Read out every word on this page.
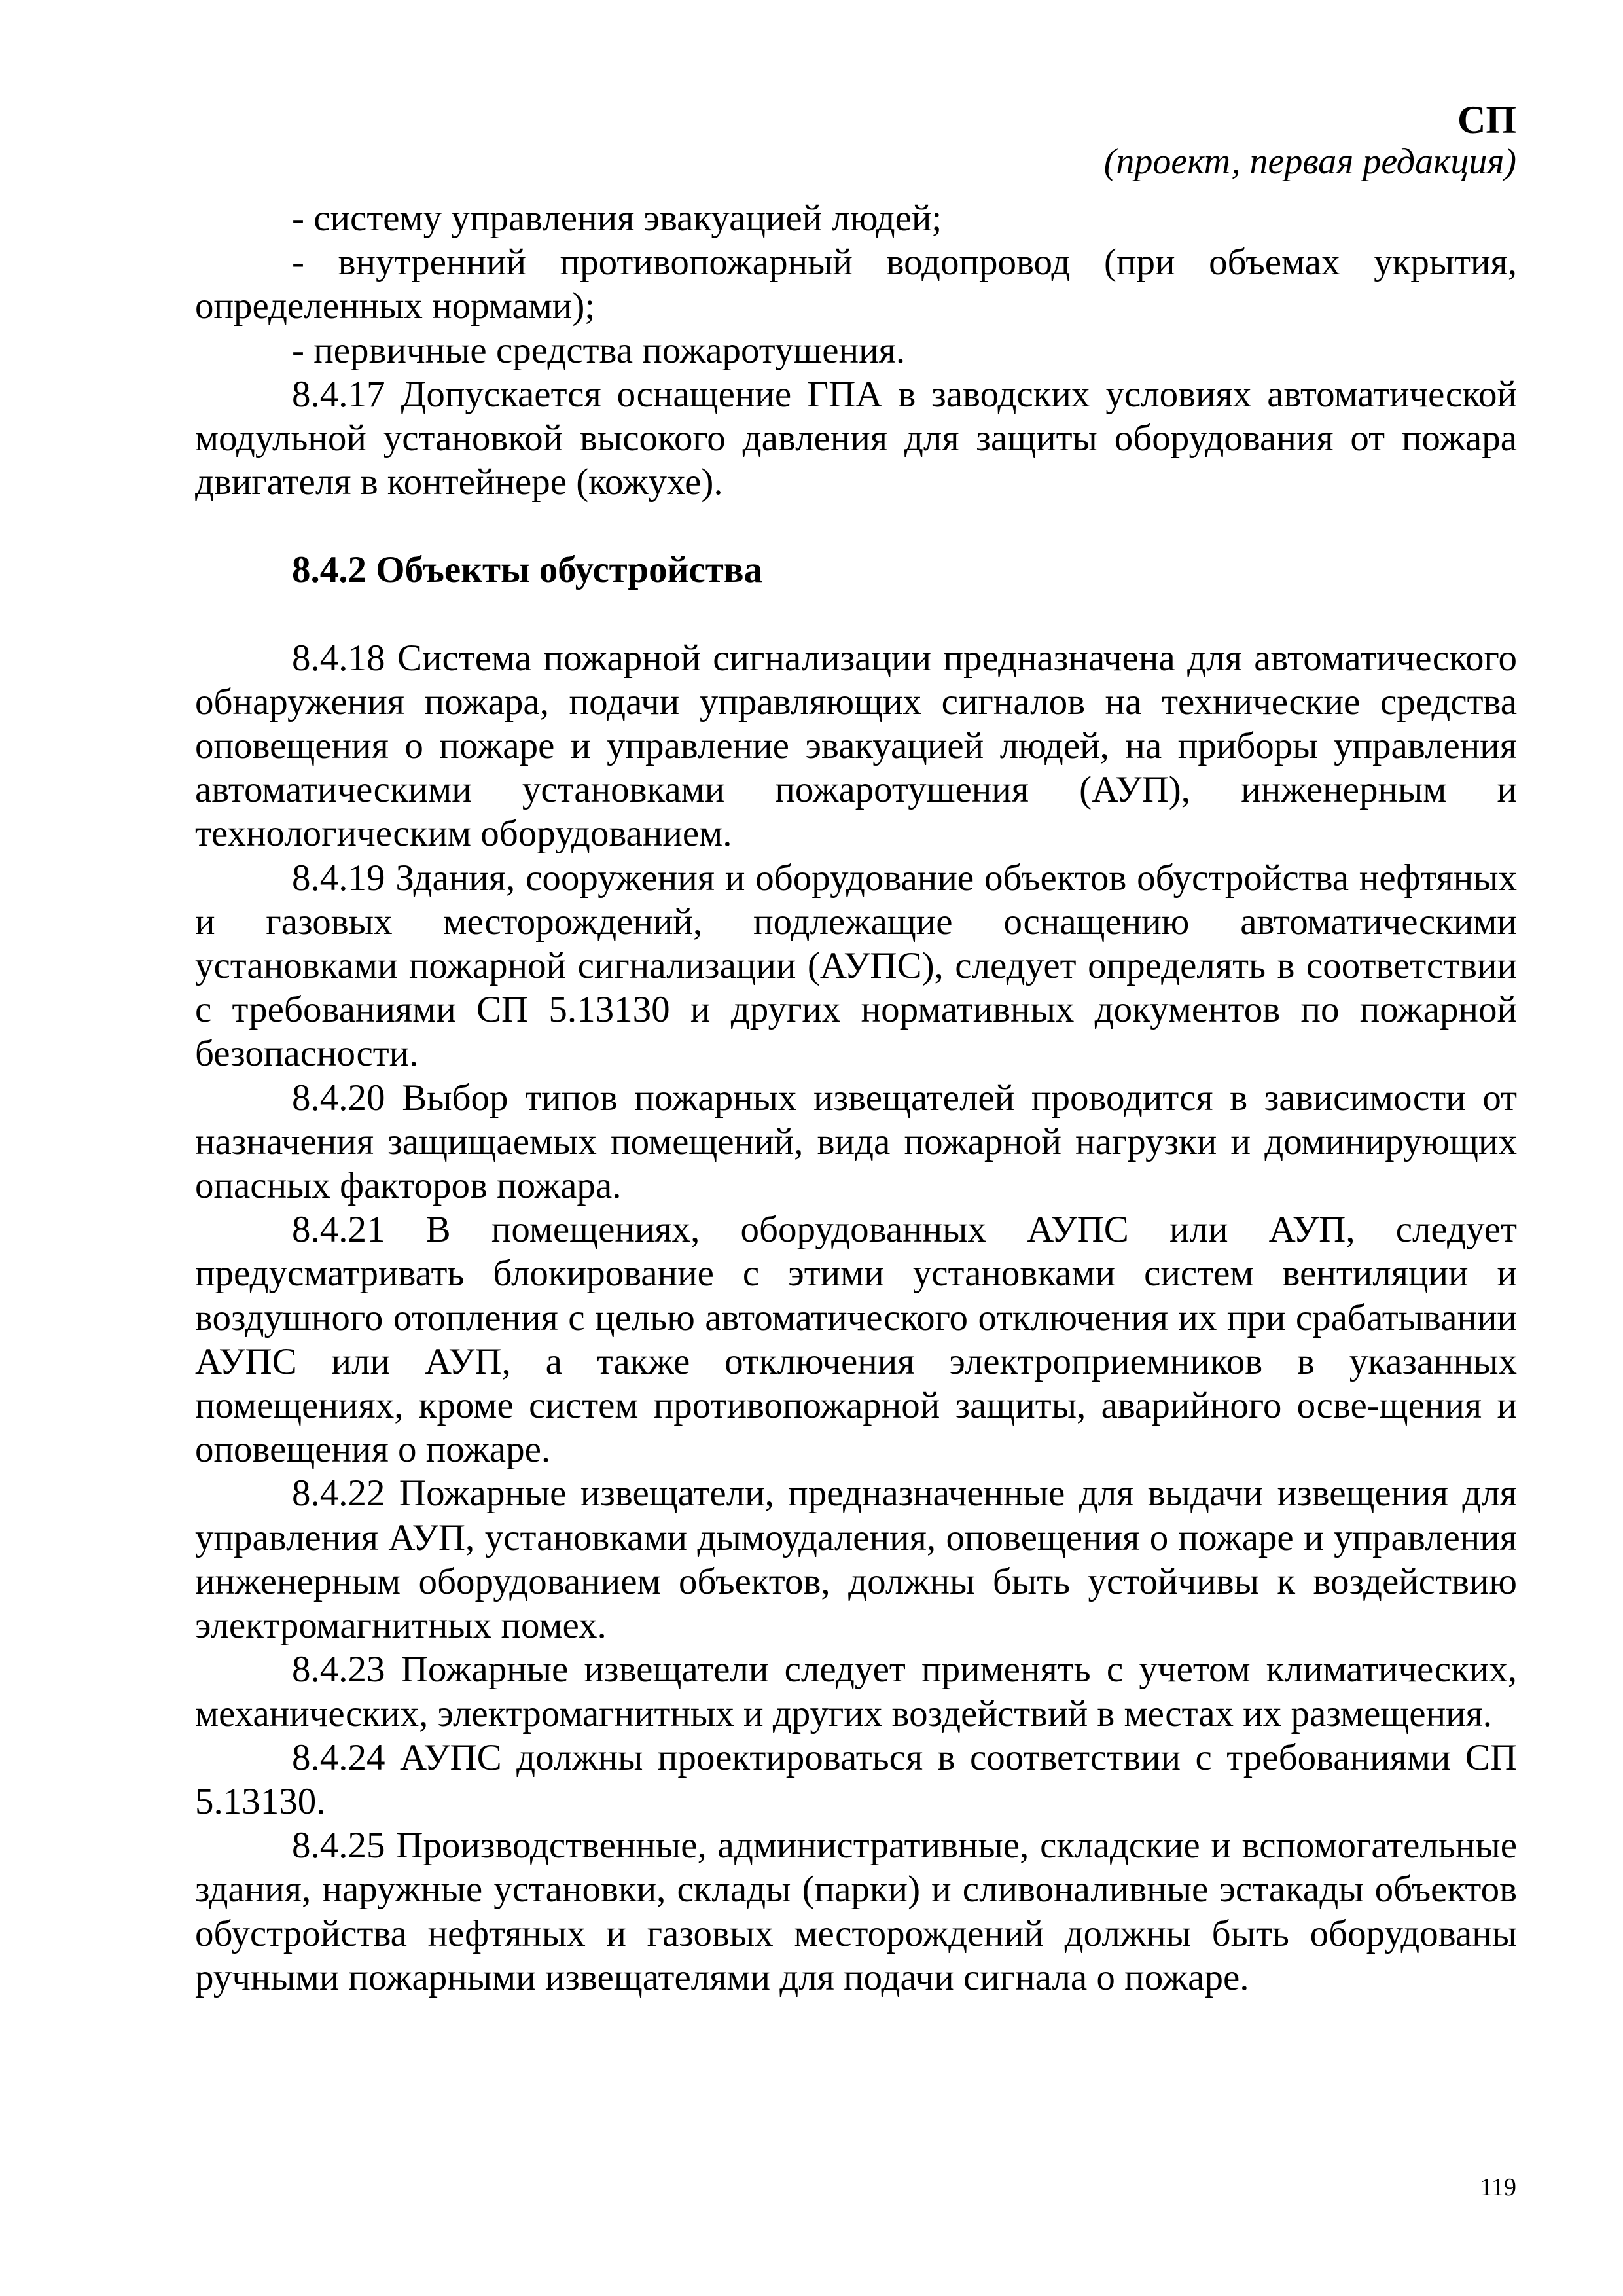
СП
(проект, первая редакция)

- систему управления эвакуацией людей;

- внутренний противопожарный водопровод (при объемах укрытия, определенных нормами);

- первичные средства пожаротушения.

8.4.17 Допускается оснащение ГПА в заводских условиях автоматической модульной установкой высокого давления для защиты оборудования от пожара двигателя в контейнере (кожухе).

8.4.2 Объекты обустройства

8.4.18 Система пожарной сигнализации предназначена для автоматического обнаружения пожара, подачи управляющих сигналов на технические средства оповещения о пожаре и управление эвакуацией людей, на приборы управления автоматическими установками пожаротушения (АУП), инженерным и технологическим оборудованием.

8.4.19 Здания, сооружения и оборудование объектов обустройства нефтяных и газовых месторождений, подлежащие оснащению автоматическими установками пожарной сигнализации (АУПС), следует определять в соответствии с требованиями СП 5.13130 и других нормативных документов по пожарной безопасности.

8.4.20 Выбор типов пожарных извещателей проводится в зависимости от назначения защищаемых помещений, вида пожарной нагрузки и доминирующих опасных факторов пожара.

8.4.21 В помещениях, оборудованных АУПС или АУП, следует предусматривать блокирование с этими установками систем вентиляции и воздушного отопления с целью автоматического отключения их при срабатывании АУПС или АУП, а также отключения электроприемников в указанных помещениях, кроме систем противопожарной защиты, аварийного осве-щения и оповещения о пожаре.

8.4.22 Пожарные извещатели, предназначенные для выдачи извещения для управления АУП, установками дымоудаления, оповещения о пожаре и управления инженерным оборудованием объектов, должны быть устойчивы к воздействию электромагнитных помех.

8.4.23 Пожарные извещатели следует применять с учетом климатических, механических, электромагнитных и других воздействий в местах их размещения.

8.4.24 АУПС должны проектироваться в соответствии с требованиями СП 5.13130.

8.4.25 Производственные, административные, складские и вспомогательные здания, наружные установки, склады (парки) и сливоналивные эстакады объектов обустройства нефтяных и газовых месторождений должны быть оборудованы ручными пожарными извещателями для подачи сигнала о пожаре.

119
